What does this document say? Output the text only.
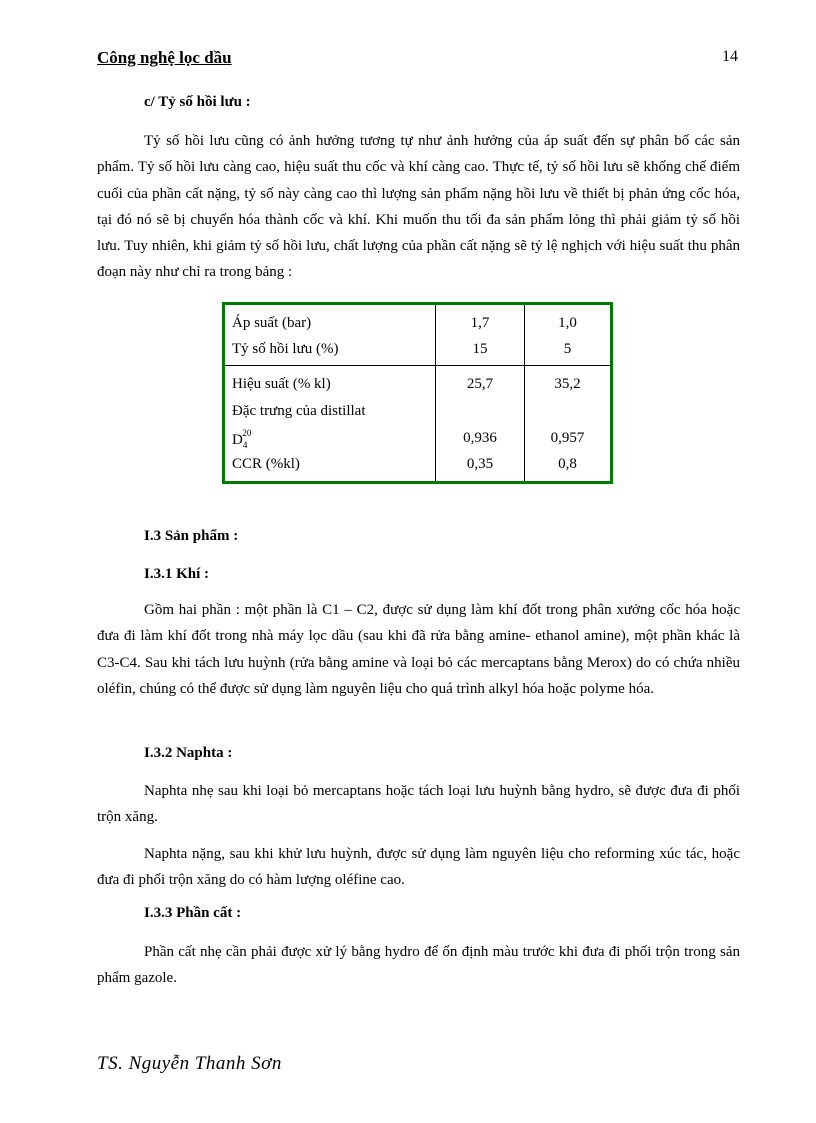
Công nghệ lọc dầu	14
c/ Tỷ số hồi lưu :
Tỷ số hồi lưu cũng có ảnh hưởng tương tự như ảnh hưởng của áp suất đến sự phân bố các sản phẩm. Tỷ số hồi lưu càng cao, hiệu suất thu cốc và khí càng cao. Thực tế, tỷ số hồi lưu sẽ khống chế điểm cuối của phần cất nặng, tỷ số này càng cao thì lượng sản phẩm nặng hồi lưu về thiết bị phản ứng cốc hóa, tại đó nó sẽ bị chuyển hóa thành cốc và khí. Khi muốn thu tối đa sản phẩm lỏng thì phải giảm tỷ số hồi lưu. Tuy nhiên, khi giảm tỷ số hồi lưu, chất lượng của phần cất nặng sẽ tỷ lệ nghịch với hiệu suất thu phân đoạn này như chỉ ra trong bảng :
Áp suất (bar)	1,7	1,0
Tỷ số hồi lưu (%)	15	5
Hiệu suất (% kl)	25,7	35,2
Đặc trưng của distillat
$D_4^{20}$	0,936	0,957
CCR (%kl)	0,35	0,8
I.3 Sản phẩm :
I.3.1 Khí :
Gồm hai phần : một phần là C1 – C2, được sử dụng làm khí đốt trong phân xưởng cốc hóa hoặc đưa đi làm khí đốt trong nhà máy lọc dầu (sau khi đã rửa bằng amine- ethanol amine), một phần khác là C3-C4. Sau khi tách lưu huỳnh (rửa bằng amine và loại bỏ các mercaptans bằng Merox) do có chứa nhiều oléfin, chúng có thể được sử dụng làm nguyên liệu cho quá trình alkyl hóa hoặc polyme hóa.
I.3.2 Naphta :
Naphta nhẹ sau khi loại bỏ mercaptans hoặc tách loại lưu huỳnh bằng hydro, sẽ được đưa đi phối trộn xăng.
Naphta nặng, sau khi khử lưu huỳnh, được sử dụng làm nguyên liệu cho reforming xúc tác, hoặc đưa đi phối trộn xăng do có hàm lượng oléfine cao.
I.3.3 Phần cất :
Phần cất nhẹ cần phải được xử lý bằng hydro để ổn định màu trước khi đưa đi phối trộn trong sản phẩm gazole.
TS. Nguyễn Thanh Sơn
